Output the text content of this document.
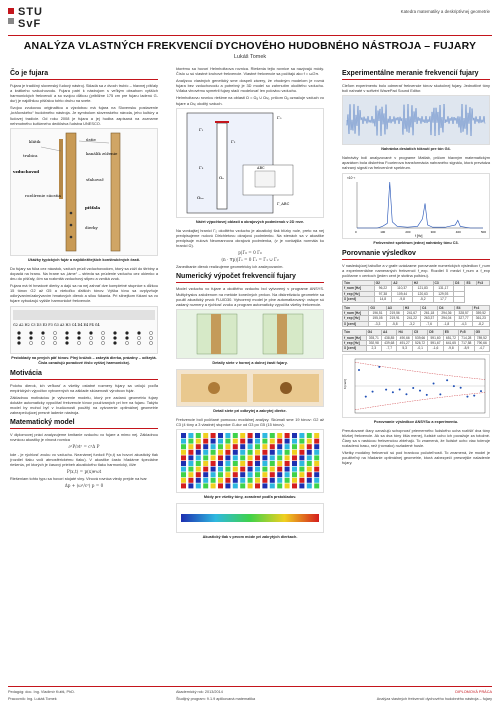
STU
SvF
Katedra matematiky a deskriptívnej geometrie
ANALÝZA VLASTNÝCH FREKVENCIÍ DYCHOVÉHO HUDOBNÉHO NÁSTROJA – FUJARY
Lukáš Tomek
Čo je fujara

Fujara je tradičný slovenský ľudový nástroj. Skladá sa z dvoch trubíc – hlavnej píšťaly a krátkeho vzduchovodu. Fujara patrí k nástrojom s veľkým obsahom vyšších harmonických frekvencií a so svojou dĺžkou (približne 175 cm pre fujaru ladenú G-dur) je najdlhšou píšťalou tohto druhu na svete.

Svojou zvukovou originalitou a výzdobou má fujara na Slovensku postavenie „kráľovského“ hudobného nástroja. Je symbolom slovenského národa, jeho kultúry a ľudovej tradície. Od roku 2008 je fujara a jej hudba zapísaná na zozname nehmotného kultúrneho dedičstva ľudstva UNESCO.

klátik	ústie
vzduchovod
rozšírenie súostia
píšťala
trubica	kanálik zúženie
sťahovač
dierky
Ukážky typických fujár a najdôležitejších konštrukčných častí.

Do fujary sa fúka cez náustok, vzduch prúdi vzduchovodom, ktorý sa zúži do štrbiny a dopadá na hranu. Na hrane sa „láme“ – strieda sa prúdenie vzduchu cez okienko a dnu do píšťaly, čím sa rozkmitá vzduchový stĺpec a vzniká zvuk.

Fujara má tri hmatové dierky a dajú sa na nej zahrať dve kompletné stupnice s dĺžkou 15 tónov G2 až G5 a niekoľko ďalších tónov. Výška tónu sa ovplyvňuje odkrývaním/zakrývaním hmatových dierok a silou fúkania. Pri silnejšom fúkaní sa vo fujare vybudzujú vyššie harmonické frekvencie.

G2 A2 H2 C3 D3 E3 F3 G3 A3 H3 C4 D4 E4 F4 G4
Prstoklady na prvých päť tónov. Plný krúžok – zakrytá dierka, prázdny – odkrytá. Čísla označujú poradové číslo vyššej harmonickej.
Motivácia

Polohu dierok, ich veľkosť a všetky ostatné rozmery fujary sa určujú podľa empirických výpočtov vytvorených na základe skúseností výrobcov fujár.

Základnou motiváciou je vytvorenie modelu, ktorý pre zadanú geometriu fujary dokáže automaticky vypočítať frekvencie tónov používaných pri hre na fujaru. Takýto model by mohol byť v budúcnosti použitý na vytvorenie optimálnej geometrie zabezpečujúcej presné ladenie nástroja.

Matematický model

V diplomovej práci analyzujeme kmitanie vzduchu vo fujare a mimo nej. Základnou rovnicou akustiky je vlnová rovnica

∂²P/∂t² = c²Δ P

kde - je rýchlosť zvuku vo vzduchu. Neznámej funkcii P(x,t) sa hovorí akustický tlak (rozdiel tlaku voči atmosférickému tlaku). V akustike často hľadáme špeciálne riešenia, pri ktorých je časový priebeh akustického tlaku harmonický, čiže

P(x,t) = p(x)eⁱωt

Riešeniam tohto typu sa hovorí stojaté vlny. Vlnová rovnica vtedy prejde na tvar

Δp + (ω²/c²) p = 0

ktorému sa hovorí Helmholtzova rovnica. Riešenia tejto rovnice sa nazývajú módy. Číslo ω sú vlastné kruhové frekvencie. Vlastné frekvencie sa počítajú ako f = ω/2π.

Analýzou vlastných genetický sme dospeli závery, že vhodným modelom je rovná fujara bez vzduchovodu a potrebný je 3D model so zahrnutím okolitého vzduchu. Vďaka vlnovému symetrii fujary stačí modelovať len polovicu vzduchu.

Helmholtzovu rovnicu riešime na oblasti Ω = Ωₐ ∪ Ωₕₒ, pričom Ωₐ označuje vzduch vo fujare a Ωₕₒ okolitý vzduch.

Γ₁
Γ₂
Γ₃
Ωₐ
Ωₕₒ
ABC
Γ₀
Γ_ABC
Náčrt výpočtovej oblasti a okrajových podmienok v 2D reze.

Na vonkajšej hranici Γ₀ okolitého vzduchu je akustický tlak blízky nule, preto na nej predpisujeme nulovú Dirichletovu okrajovú podmienku. Na stenách sa v akustike predpisuje nulová Neumannova okrajová podmienka, (v je vonkajšia normála ku hranici Ω).

p|Γ₀ = 0 Γ₀
(n · ∇p)|Γₛ = 0 Γₛ = Γ₁ ∪ Γ₂

Zanedbanie dierok realizujeme geometricky ich zaslepovaním.

Numerický výpočet frekvencií fujary

Model vzduchu vo fujare a okolitého vzduchu bol vytvorený v programe ANSYS. Multiphysics založenom na metóde konečných prvkov. Na diskretizáciu geometrie sa použil akustický prvok FLUID30. Vytvorený model je plne automatizovaný: vstupe sú zadaný rozmery a rýchlosť zvuku a program automaticky vypočíta všetky frekvencie.

Detaily siete v hornej a dolnej časti fujary.
Detail siete pri odkrytej a zakrytej dierke.

Frekvencie boli počítané pomocou modálnej analýzy. Skúmali sme 19 tónov: G2 až C3 (4 tóny a 3 vlastné) stupnice G-dur od G3 po G5 (15 tónov).

Módy pre všetky tóny, zoradené podľa prstokladov.
Akustický tlak v prvom móde pri zakrytých dierkach.
Experimentálne meranie frekvencií fujary

Cieľom experimentu bolo odmerať frekvencie tónov skutočnej fujary. Jednotlivé tóny boli nahraté v softvéri WavePad Sound Editor.

Nahrávka desiatich tóknutí pre tón G4.

Nahrávky boli analyzované v programe Matlab, pričom hlavným matematickým aparátom bola diskrétna Fourierova transformácia nahraného signálu, ktorá prevádza nahraný signál na frekvenčné spektrum.

×10⁻³
f [Hz]
0	100	200	300	400	500
Frekvenčné spektrum jednej nahrávky tónu C3.
Porovnanie výsledkov

V nasledujúcej tabuľke a v grafe uvádzame porovnanie numerických výsledkov f_num a experimentálne nameraných frekvencií f_exp. Rozdiel δ medzi f_num a f_exp počítame v centoch (jeden cent je stotina poltónu).

Tón	G2	A2	H2	C3	D3	E3	F♯3
f_num [Hz]	96,22	110,37	121,83	131,17			
f_exp [Hz]	97,38	109,44	120,63	129,93			
δ [cent]	14,8	-9,8	-5,2	17,7			
Tón	G3	A3	H3	C4	D4	E4	F♯4
f_num [Hz]	196,51	219,56	241,67	261,18	294,36	328,57	359,52
f_exp [Hz]	195,05	219,91	241,22	263,37	294,04	327,77	361,23
δ [cent]	-3,3	-5,8	-3,2	-7,6	-1,8	-4,3	-8,2
Tón	G4	A4	H4	C5	D5	E5	F♯5	G5
f_num [Hz]	393,71	438,85	490,66	539,66	591,60	651,72	714,28	789,52
f_exp [Hz]	392,98	439,68	491,27	526,72	591,67	641,65	717,58	790,66
δ [cent]	2,3	-7,7	5,3	-0,1	-1,6	-9,8	-8,9	-4,7
δ [cent]
Porovnanie výsledkov ANSYSu a experimentu.

Prerušované čiary označujú schopnosť priemerného ľudského ucha rozlíšiť dva tóny blízkej frekvencie. Ak sa dva tóny líšia menej, ľudské ucho ich považuje za totožné. Čiary sa s rastúcou frekvenciou zbiehajú. To znamená, že ľudské ucho viac toleruje rozladenú basu, než (rovnako) rozladené husle.

Všetky modálny frekvencií sú pod hranicou počuteľnosti. To znamená, že model je použiteľný na hľadanie optimálnej geometrie, ktorá zabezpečí presnejšie naladenie fujary.

Pedagóg: doc. Ing. Vladimír Kutiš, PhD.
Pracovník: Ing. Lukáš Tomek
Akademický rok: 2013/2014
Študijný program: 9.1.9 aplikovaná matematika
DIPLOMOVÁ PRÁCA
Analýza vlastných frekvencií dychového hudobného nástroja – fujary
